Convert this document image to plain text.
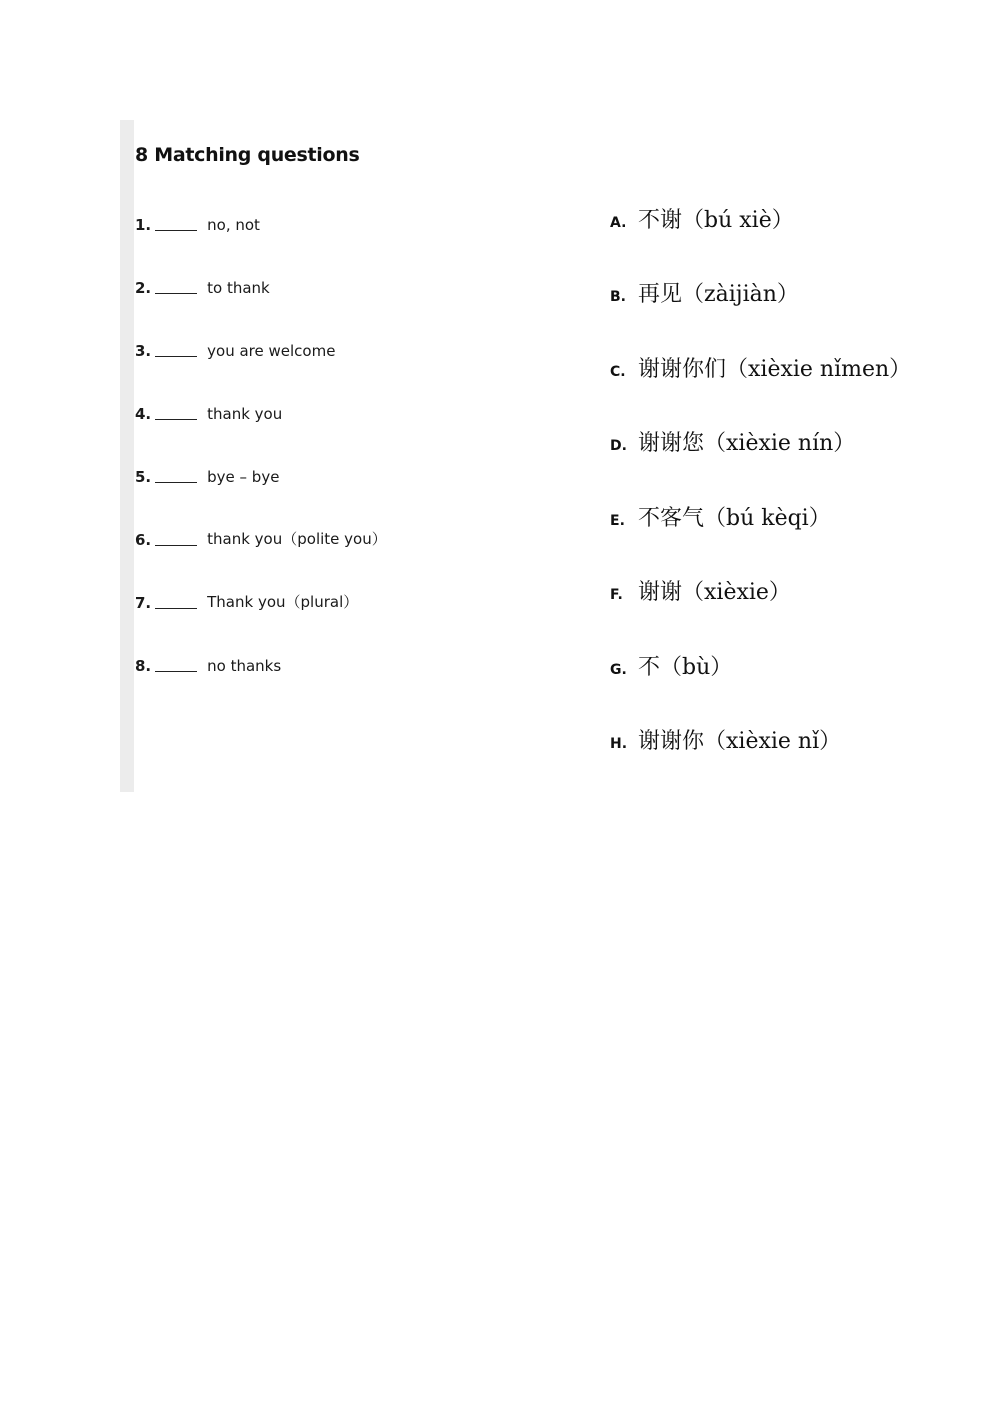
8 Matching questions
1.	no, not
2.	to thank
3.	you are welcome
4.	thank you
5.	bye – bye
6.	thank you（polite you）
7.	Thank you（plural）
8.	no thanks
A. 不谢（bú xiè）
B. 再见（zàijiàn）
C. 谢谢你们（xièxie nǐmen）
D. 谢谢您（xièxie nín）
E. 不客气（bú kèqi）
F. 谢谢（xièxie）
G. 不（bù）
H. 谢谢你（xièxie nǐ）
